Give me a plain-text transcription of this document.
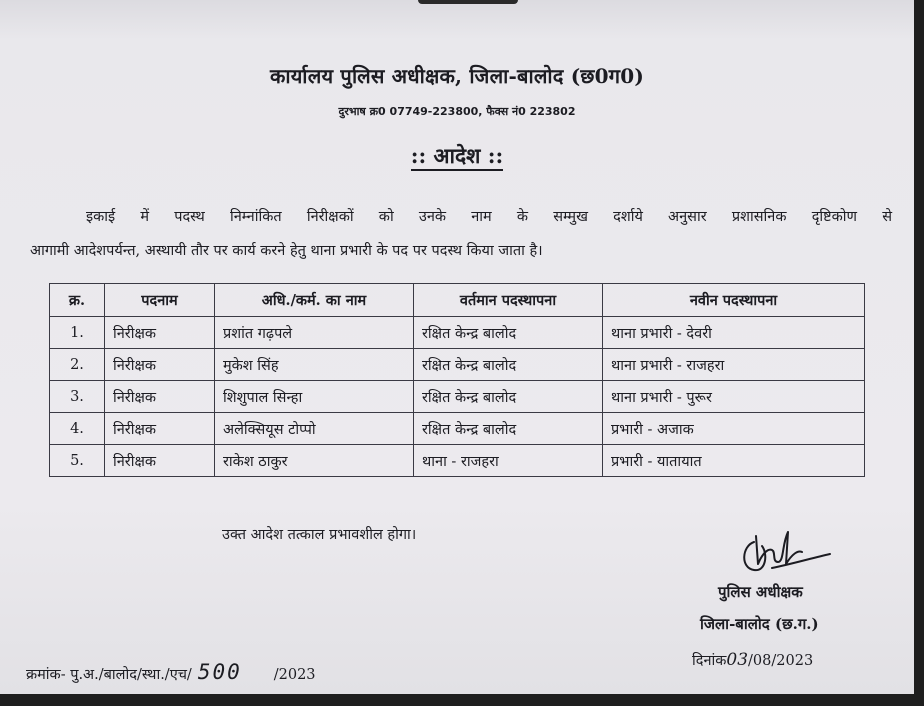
कार्यालय पुलिस अधीक्षक, जिला-बालोद (छ0ग0)
दुरभाष क्र0 07749-223800, फैक्स नं0 223802
:: आदेश ::
इकाई में पदस्थ निम्नांकित निरीक्षकों को उनके नाम के सम्मुख दर्शाये अनुसार प्रशासनिक दृष्टिकोण से
आगामी आदेशपर्यन्त, अस्थायी तौर पर कार्य करने हेतु थाना प्रभारी के पद पर पदस्थ किया जाता है।
क्र.	पदनाम	अधि./कर्म. का नाम	वर्तमान पदस्थापना	नवीन पदस्थापना
1.	निरीक्षक	प्रशांत गढ़पले	रक्षित केन्द्र बालोद	थाना प्रभारी - देवरी
2.	निरीक्षक	मुकेश सिंह	रक्षित केन्द्र बालोद	थाना प्रभारी - राजहरा
3.	निरीक्षक	शिशुपाल सिन्हा	रक्षित केन्द्र बालोद	थाना प्रभारी - पुरूर
4.	निरीक्षक	अलेक्सियूस टोप्पो	रक्षित केन्द्र बालोद	प्रभारी - अजाक
5.	निरीक्षक	राकेश ठाकुर	थाना - राजहरा	प्रभारी - यातायात
उक्त आदेश तत्काल प्रभावशील होगा।
पुलिस अधीक्षक
जिला-बालोद (छ.ग.)
दिनांक03/08/2023
क्रमांक- पु.अ./बालोद/स्था./एच/ 500 /2023
